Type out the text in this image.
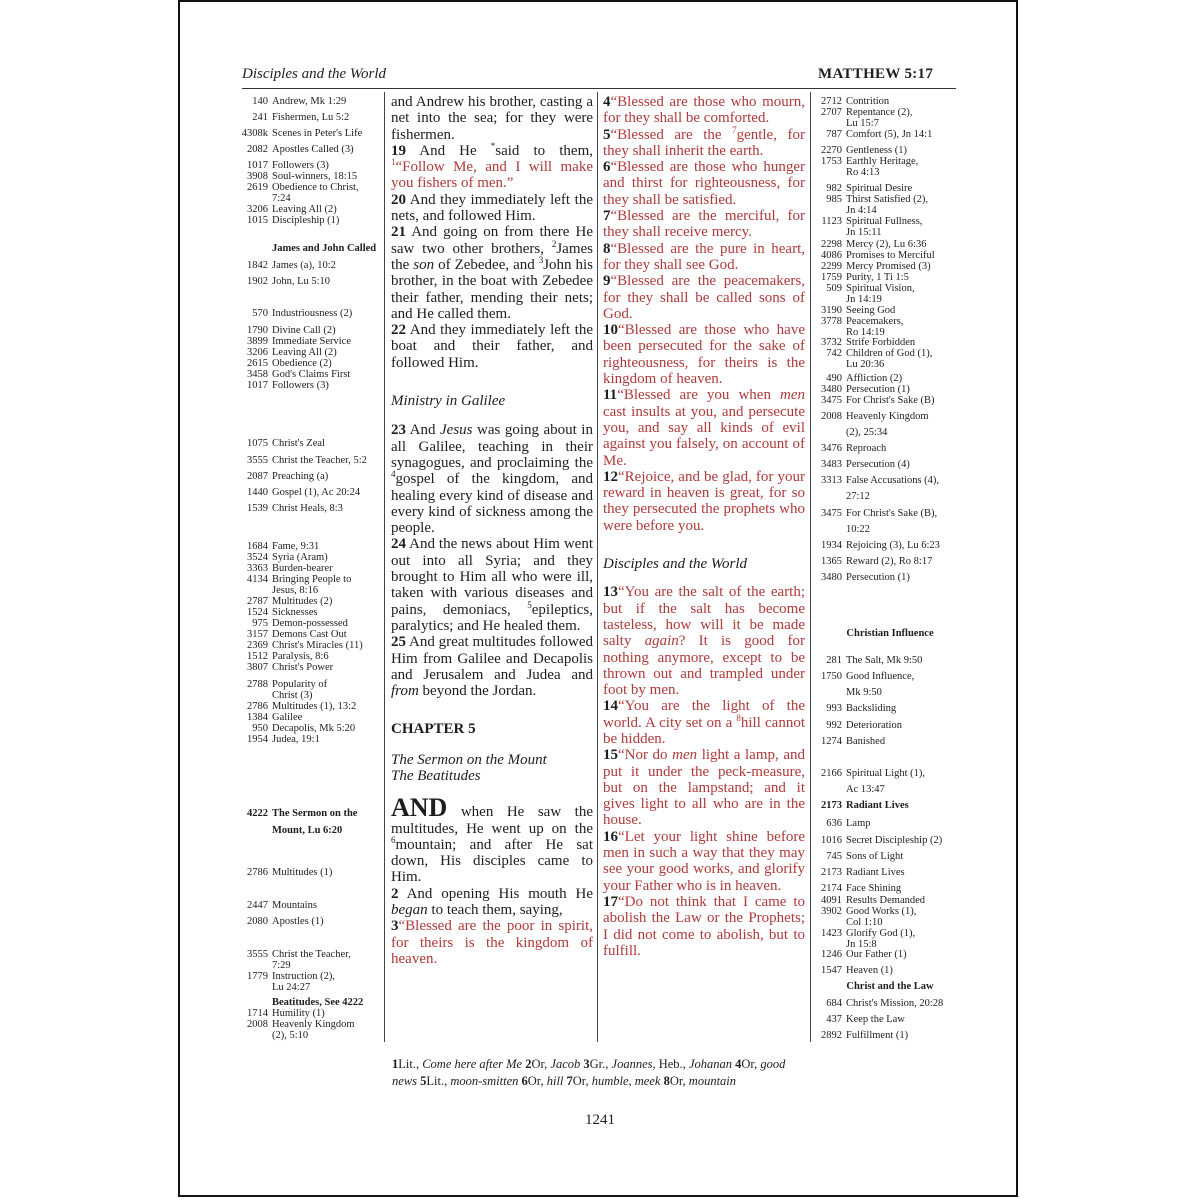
Disciples and the World	MATTHEW 5:17
140 Andrew, Mk 1:29
241 Fishermen, Lu 5:2
4308k Scenes in Peter's Life
2082 Apostles Called (3)
1017 Followers (3)
3908 Soul-winners, 18:15
2619 Obedience to Christ,
7:24
3206 Leaving All (2)
1015 Discipleship (1)
James and John Called
1842 James (a), 10:2
1902 John, Lu 5:10
570 Industriousness (2)
1790 Divine Call (2)
3899 Immediate Service
3206 Leaving All (2)
2615 Obedience (2)
3458 God's Claims First
1017 Followers (3)
1075 Christ's Zeal
3555 Christ the Teacher, 5:2
2087 Preaching (a)
1440 Gospel (1), Ac 20:24
1539 Christ Heals, 8:3
1684 Fame, 9:31
3524 Syria (Aram)
3363 Burden-bearer
4134 Bringing People to
Jesus, 8:16
2787 Multitudes (2)
1524 Sicknesses
975 Demon-possessed
3157 Demons Cast Out
2369 Christ's Miracles (11)
1512 Paralysis, 8:6
3807 Christ's Power
2788 Popularity of
Christ (3)
2786 Multitudes (1), 13:2
1384 Galilee
950 Decapolis, Mk 5:20
1954 Judea, 19:1
4222 The Sermon on the
Mount, Lu 6:20
2786 Multitudes (1)
2447 Mountains
2080 Apostles (1)
3555 Christ the Teacher,
7:29
1779 Instruction (2),
Lu 24:27
Beatitudes, See 4222
1714 Humility (1)
2008 Heavenly Kingdom
(2), 5:10
2712 Contrition
2707 Repentance (2),
Lu 15:7
787 Comfort (5), Jn 14:1
2270 Gentleness (1)
1753 Earthly Heritage,
Ro 4:13
982 Spiritual Desire
985 Thirst Satisfied (2),
Jn 4:14
1123 Spiritual Fullness,
Jn 15:11
2298 Mercy (2), Lu 6:36
4086 Promises to Merciful
2299 Mercy Promised (3)
1759 Purity, 1 Ti 1:5
509 Spiritual Vision,
Jn 14:19
3190 Seeing God
3778 Peacemakers,
Ro 14:19
3732 Strife Forbidden
742 Children of God (1),
Lu 20:36
490 Affliction (2)
3480 Persecution (1)
3475 For Christ's Sake (B)
2008 Heavenly Kingdom
(2), 25:34
3476 Reproach
3483 Persecution (4)
3313 False Accusations (4),
27:12
3475 For Christ's Sake (B),
10:22
1934 Rejoicing (3), Lu 6:23
1365 Reward (2), Ro 8:17
3480 Persecution (1)
Christian Influence
281 The Salt, Mk 9:50
1750 Good Influence,
Mk 9:50
993 Backsliding
992 Deterioration
1274 Banished
2166 Spiritual Light (1),
Ac 13:47
2173 Radiant Lives
636 Lamp
1016 Secret Discipleship (2)
745 Sons of Light
2173 Radiant Lives
2174 Face Shining
4091 Results Demanded
3902 Good Works (1),
Col 1:10
1423 Glorify God (1),
Jn 15:8
1246 Our Father (1)
1547 Heaven (1)
Christ and the Law
684 Christ's Mission, 20:28
437 Keep the Law
2892 Fulfillment (1)

and Andrew his brother, casting a net into the sea; for they were fishermen.

19 And He *said to them, $^1$“Follow Me, and I will make you fishers of men.”

20 And they immediately left the nets, and followed Him.

21 And going on from there He saw two other brothers, $^2$James the son of Zebedee, and $^3$John his brother, in the boat with Zebedee their father, mending their nets; and He called them.

22 And they immediately left the boat and their father, and followed Him.

Ministry in Galilee

23 And Jesus was going about in all Galilee, teaching in their synagogues, and proclaiming the $^4$gospel of the kingdom, and healing every kind of disease and every kind of sickness among the people.

24 And the news about Him went out into all Syria; and they brought to Him all who were ill, taken with various diseases and pains, demoniacs, $^5$epileptics, paralytics; and He healed them.

25 And great multitudes followed Him from Galilee and Decapolis and Jerusalem and Judea and from beyond the Jordan.

CHAPTER 5

The Sermon on the Mount

The Beatitudes

AND when He saw the multitudes, He went up on the $^6$mountain; and after He sat down, His disciples came to Him.

2 And opening His mouth He began to teach them, saying,

3“Blessed are the poor in spirit, for theirs is the kingdom of heaven.

4“Blessed are those who mourn, for they shall be comforted.

5“Blessed are the $^7$gentle, for they shall inherit the earth.

6“Blessed are those who hunger and thirst for righteousness, for they shall be satisfied.

7“Blessed are the merciful, for they shall receive mercy.

8“Blessed are the pure in heart, for they shall see God.

9“Blessed are the peacemakers, for they shall be called sons of God.

10“Blessed are those who have been persecuted for the sake of righteousness, for theirs is the kingdom of heaven.

11“Blessed are you when men cast insults at you, and persecute you, and say all kinds of evil against you falsely, on account of Me.

12“Rejoice, and be glad, for your reward in heaven is great, for so they persecuted the prophets who were before you.

Disciples and the World

13“You are the salt of the earth; but if the salt has become tasteless, how will it be made salty again? It is good for nothing anymore, except to be thrown out and trampled under foot by men.

14“You are the light of the world. A city set on a $^8$hill cannot be hidden.

15“Nor do men light a lamp, and put it under the peck-measure, but on the lampstand; and it gives light to all who are in the house.

16“Let your light shine before men in such a way that they may see your good works, and glorify your Father who is in heaven.

17“Do not think that I came to abolish the Law or the Prophets; I did not come to abolish, but to fulfill.

1Lit., Come here after Me 2Or, Jacob 3Gr., Joannes, Heb., Johanan 4Or, good news 5Lit., moon-smitten 6Or, hill 7Or, humble, meek 8Or, mountain
1241
